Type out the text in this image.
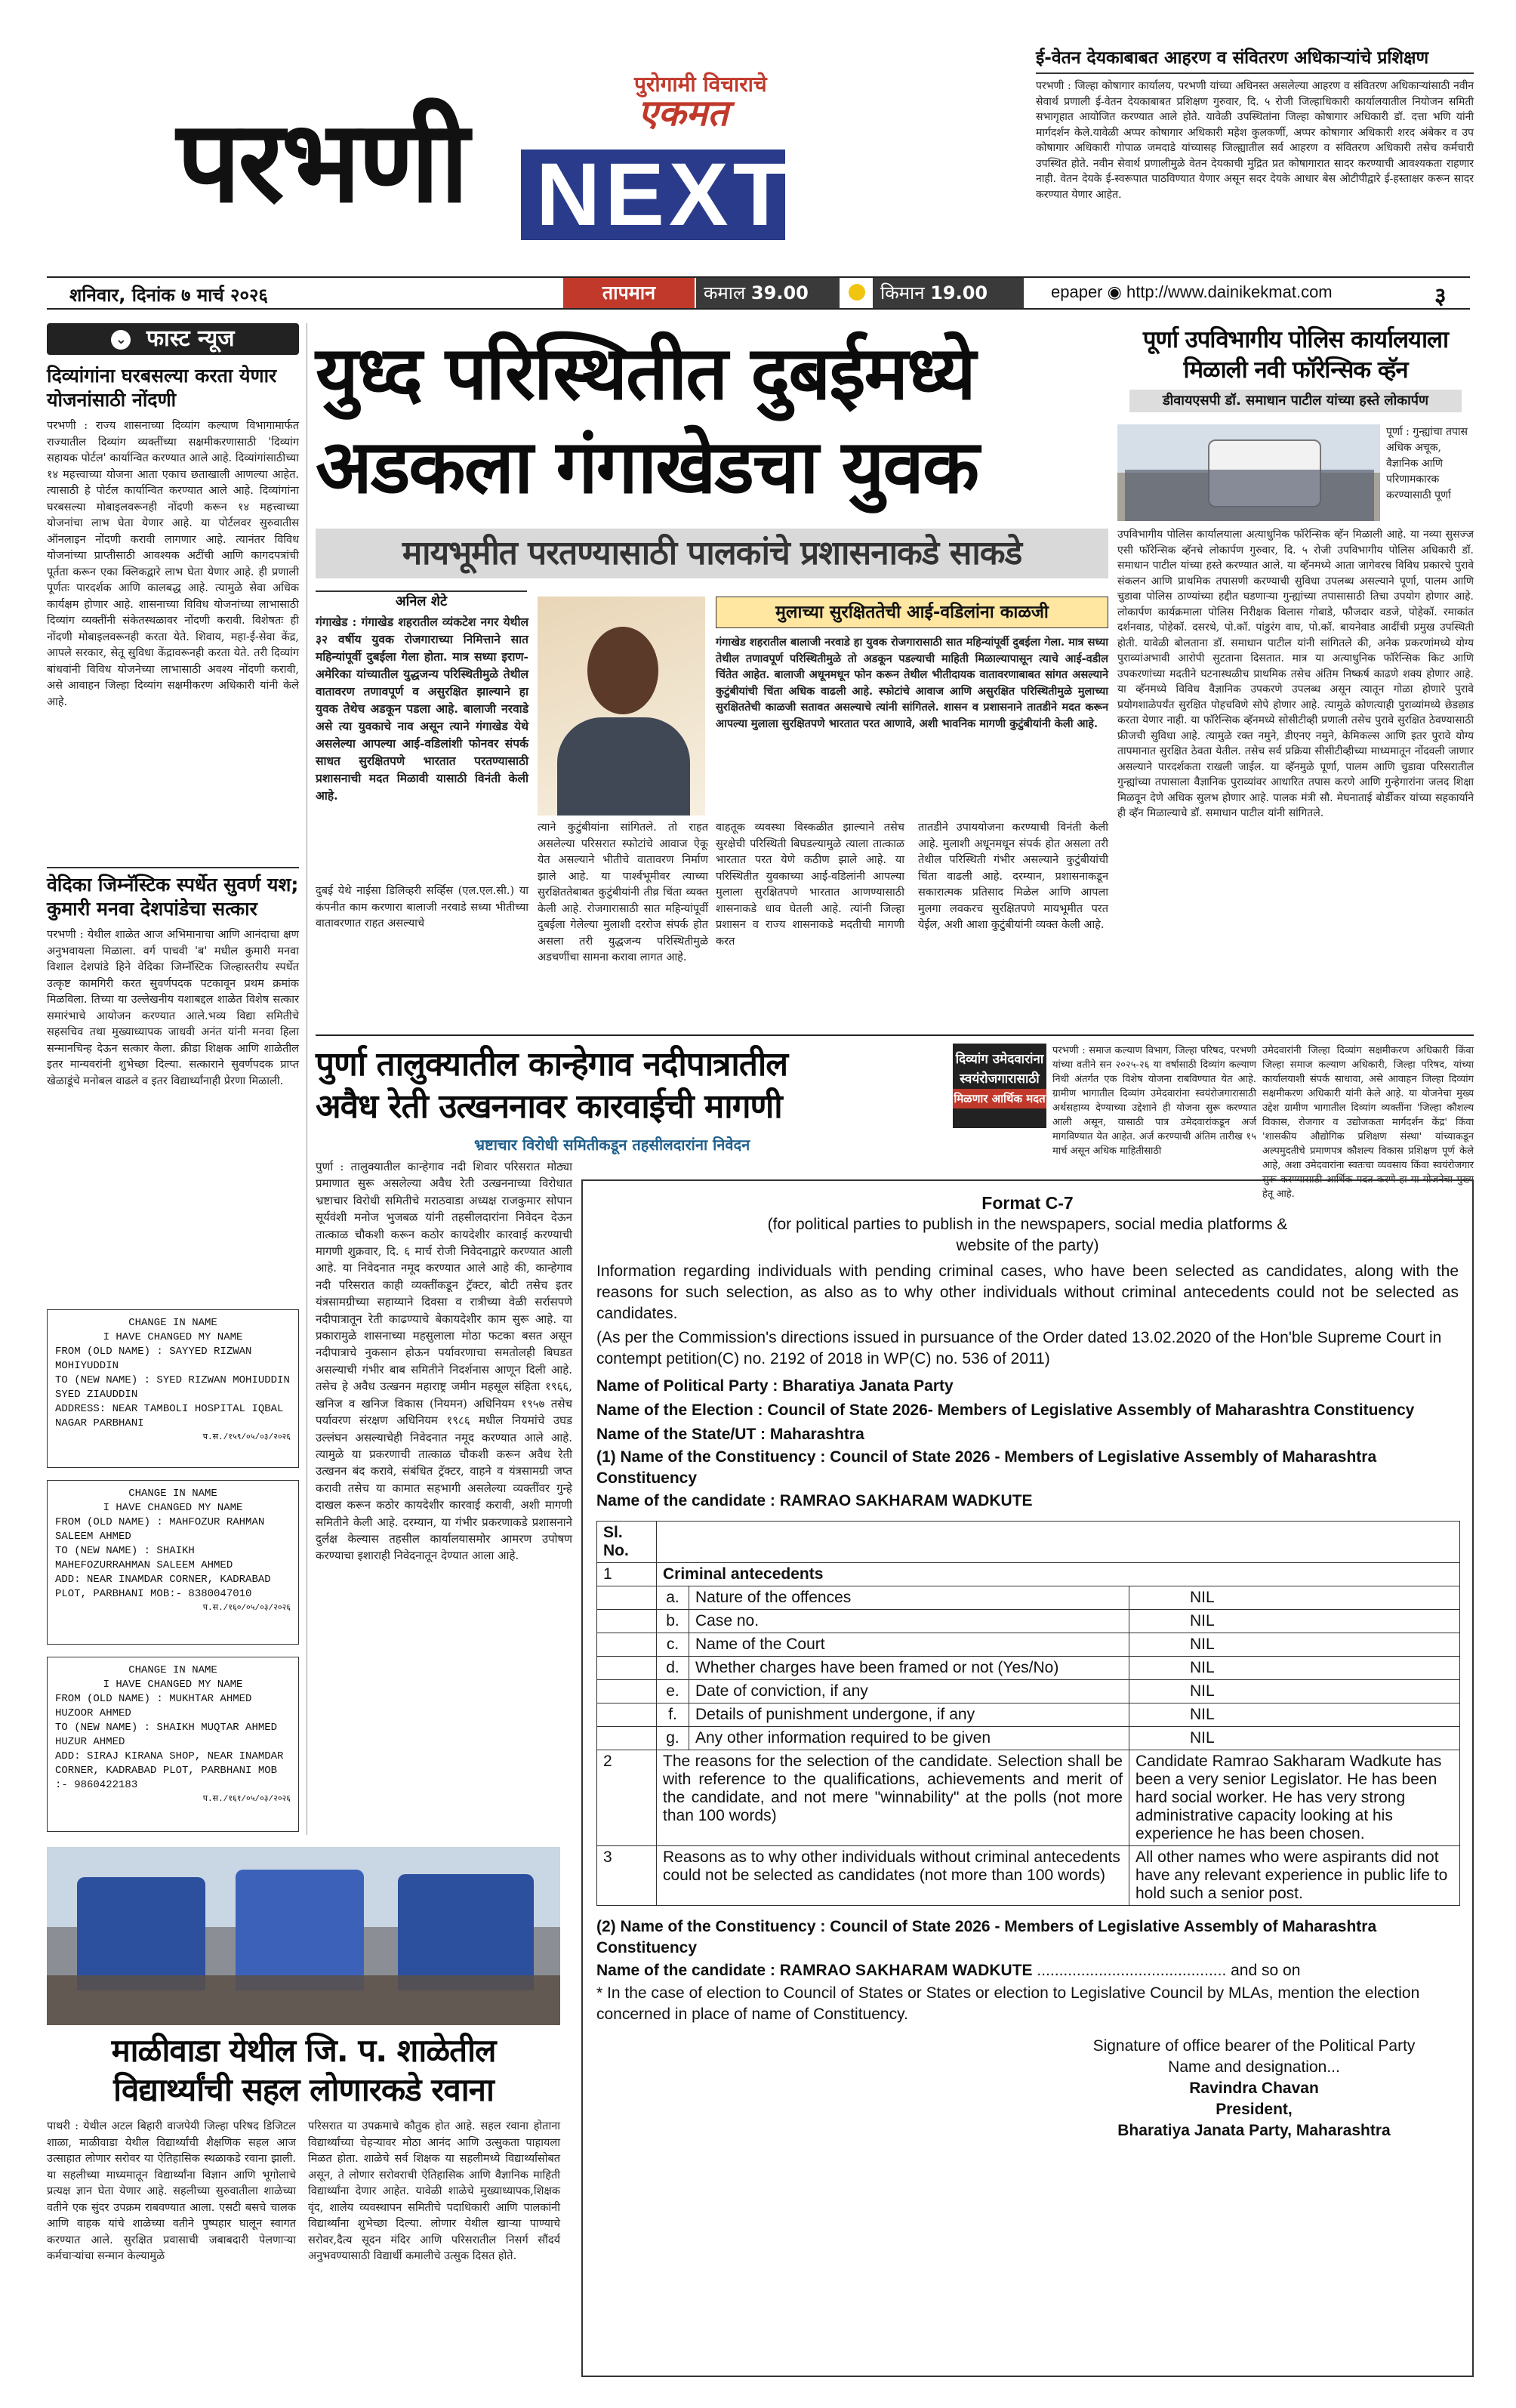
पुरोगामी विचाराचे
एकमत
परभणी NEXT
शनिवार, दिनांक ७ मार्च २०२६	तापमान	कमाल 39.00	किमान 19.00	epaper ◉ http://www.dainikekmat.com	३
ई-वेतन देयकाबाबत आहरण व संवितरण अधिकाऱ्यांचे प्रशिक्षण
परभणी : जिल्हा कोषागार कार्यालय, परभणी यांच्या अधिनस्त असलेल्या आहरण व संवितरण अधिकाऱ्यांसाठी नवीन सेवार्थ प्रणाली ई-वेतन देयकाबाबत प्रशिक्षण गुरुवार, दि. ५ रोजी जिल्हाधिकारी कार्यालयातील नियोजन समिती सभागृहात आयोजित करण्यात आले होते. यावेळी उपस्थितांना जिल्हा कोषागार अधिकारी डॉ. दत्ता भणि यांनी मार्गदर्शन केले.यावेळी अप्पर कोषागार अधिकारी महेश कुलकर्णी, अप्पर कोषागार अधिकारी शरद अंबेकर व उप कोषागार अधिकारी गोपाळ जमदाडे यांच्यासह जिल्ह्यातील सर्व आहरण व संवितरण अधिकारी तसेच कर्मचारी उपस्थित होते. नवीन सेवार्थ प्रणालीमुळे वेतन देयकाची मुद्रित प्रत कोषागारात सादर करण्याची आवश्यकता राहणार नाही. वेतन देयके ई-स्वरूपात पाठविण्यात येणार असून सदर देयके आधार बेस ओटीपीद्वारे ई-हस्ताक्षर करून सादर करण्यात येणार आहेत.
⌄ फास्ट न्यूज
दिव्यांगांना घरबसल्या करता येणार योजनांसाठी नोंदणी
परभणी : राज्य शासनाच्या दिव्यांग कल्याण विभागामार्फत राज्यातील दिव्यांग व्यक्तींच्या सक्षमीकरणासाठी 'दिव्यांग सहायक पोर्टल' कार्यान्वित करण्यात आले आहे. दिव्यांगांसाठीच्या १४ महत्त्वाच्या योजना आता एकाच छताखाली आणल्या आहेत. त्यासाठी हे पोर्टल कार्यान्वित करण्यात आले आहे. दिव्यांगांना घरबसल्या मोबाइलवरूनही नोंदणी करून १४ महत्त्वाच्या योजनांचा लाभ घेता येणार आहे. या पोर्टलवर सुरुवातीस ऑनलाइन नोंदणी करावी लागणार आहे. त्यानंतर विविध योजनांच्या प्राप्तीसाठी आवश्यक अटींची आणि कागदपत्रांची पूर्तता करून एका क्लिकद्वारे लाभ घेता येणार आहे. ही प्रणाली पूर्णतः पारदर्शक आणि कालबद्ध आहे. त्यामुळे सेवा अधिक कार्यक्षम होणार आहे. शासनाच्या विविध योजनांच्या लाभासाठी दिव्यांग व्यक्तींनी संकेतस्थळावर नोंदणी करावी. विशेषतः ही नोंदणी मोबाइलवरूनही करता येते. शिवाय, महा-ई-सेवा केंद्र, आपले सरकार, सेतू सुविधा केंद्रावरूनही करता येते. तरी दिव्यांग बांधवांनी विविध योजनेच्या लाभासाठी अवश्य नोंदणी करावी, असे आवाहन जिल्हा दिव्यांग सक्षमीकरण अधिकारी यांनी केले आहे.
वेदिका जिम्नॅस्टिक स्पर्धेत सुवर्ण यश; कुमारी मनवा देशपांडेचा सत्कार
परभणी : येथील शाळेत आज अभिमानाचा आणि आनंदाचा क्षण अनुभवायला मिळाला. वर्ग पाचवी 'ब' मधील कुमारी मनवा विशाल देशपांडे हिने वेदिका जिम्नॅस्टिक जिल्हास्तरीय स्पर्धेत उत्कृष्ट कामगिरी करत सुवर्णपदक पटकावून प्रथम क्रमांक मिळविला. तिच्या या उल्लेखनीय यशाबद्दल शाळेत विशेष सत्कार समारंभाचे आयोजन करण्यात आले.भव्य विद्या समितीचे सहसचिव तथा मुख्याध्यापक जाधवी अनंत यांनी मनवा हिला सन्मानचिन्ह देऊन सत्कार केला. क्रीडा शिक्षक आणि शाळेतील इतर मान्यवरांनी शुभेच्छा दिल्या. सत्काराने सुवर्णपदक प्राप्त खेळाडूंचे मनोबल वाढले व इतर विद्यार्थ्यांनाही प्रेरणा मिळाली.
CHANGE IN NAME
I HAVE CHANGED MY NAME
FROM (OLD NAME) : SAYYED RIZWAN MOHIYUDDIN
TO (NEW NAME) : SYED RIZWAN MOHIUDDIN SYED ZIAUDDIN
ADDRESS: NEAR TAMBOLI HOSPITAL IQBAL NAGAR PARBHANI
प.स./१५९/०५/०३/२०२६
CHANGE IN NAME
I HAVE CHANGED MY NAME
FROM (OLD NAME) : MAHFOZUR RAHMAN SALEEM AHMED
TO (NEW NAME) : SHAIKH MAHEFOZURRAHMAN SALEEM AHMED
ADD: NEAR INAMDAR CORNER, KADRABAD PLOT, PARBHANI MOB:- 8380047010
प.स./१६०/०५/०३/२०२६
CHANGE IN NAME
I HAVE CHANGED MY NAME
FROM (OLD NAME) : MUKHTAR AHMED HUZOOR AHMED
TO (NEW NAME) : SHAIKH MUQTAR AHMED HUZUR AHMED
ADD: SIRAJ KIRANA SHOP, NEAR INAMDAR CORNER, KADRABAD PLOT, PARBHANI MOB :- 9860422183
प.स./१६१/०५/०३/२०२६
माळीवाडा येथील जि. प. शाळेतील
विद्यार्थ्यांची सहल लोणारकडे रवाना
पाथरी : येथील अटल बिहारी वाजपेयी जिल्हा परिषद डिजिटल शाळा, माळीवाडा येथील विद्यार्थ्यांची शैक्षणिक सहल आज उत्साहात लोणार सरोवर या ऐतिहासिक स्थळाकडे रवाना झाली. या सहलीच्या माध्यमातून विद्यार्थ्यांना विज्ञान आणि भूगोलाचे प्रत्यक्ष ज्ञान घेता येणार आहे. सहलीच्या सुरुवातीला शाळेच्या वतीने एक सुंदर उपक्रम राबवण्यात आला. एसटी बसचे चालक आणि वाहक यांचे शाळेच्या वतीने पुष्पहार घालून स्वागत करण्यात आले. सुरक्षित प्रवासाची जबाबदारी पेलणाऱ्या कर्मचाऱ्यांचा सन्मान केल्यामुळे
परिसरात या उपक्रमाचे कौतुक होत आहे. सहल रवाना होताना विद्यार्थ्यांच्या चेहऱ्यावर मोठा आनंद आणि उत्सुकता पाहायला मिळत होता. शाळेचे सर्व शिक्षक या सहलीमध्ये विद्यार्थ्यांसोबत असून, ते लोणार सरोवराची ऐतिहासिक आणि वैज्ञानिक माहिती विद्यार्थ्यांना देणार आहेत. यावेळी शाळेचे मुख्याध्यापक,शिक्षक वृंद, शालेय व्यवस्थापन समितीचे पदाधिकारी आणि पालकांनी विद्यार्थ्यांना शुभेच्छा दिल्या. लोणार येथील खाऱ्या पाण्याचे सरोवर,दैत्य सूदन मंदिर आणि परिसरातील निसर्ग सौंदर्य अनुभवण्यासाठी विद्यार्थी कमालीचे उत्सुक दिसत होते.
युध्द परिस्थितीत दुबईमध्ये
अडकला गंगाखेडचा युवक
मायभूमीत परतण्यासाठी पालकांचे प्रशासनाकडे साकडे
अनिल शेटे
गंगाखेड : गंगाखेड शहरातील व्यंकटेश नगर येथील ३२ वर्षीय युवक रोजगाराच्या निमित्ताने सात महिन्यांपूर्वी दुबईला गेला होता. मात्र सध्या इराण-अमेरिका यांच्यातील युद्धजन्य परिस्थितीमुळे तेथील वातावरण तणावपूर्ण व असुरक्षित झाल्याने हा युवक तेथेच अडकून पडला आहे. बालाजी नरवाडे असे त्या युवकाचे नाव असून त्याने गंगाखेड येथे असलेल्या आपल्या आई-वडिलांशी फोनवर संपर्क साधत सुरक्षितपणे भारतात परतण्यासाठी प्रशासनाची मदत मिळावी यासाठी विनंती केली आहे.
दुबई येथे नाईसा डिलिव्हरी सर्व्हिस (एल.एल.सी.) या कंपनीत काम करणारा बालाजी नरवाडे सध्या भीतीच्या वातावरणात राहत असल्याचे
त्याने कुटुंबीयांना सांगितले. तो राहत असलेल्या परिसरात स्फोटांचे आवाज ऐकू येत असल्याने भीतीचे वातावरण निर्माण झाले आहे. या पार्श्वभूमीवर त्याच्या सुरक्षिततेबाबत कुटुंबीयांनी तीव्र चिंता व्यक्त केली आहे. रोजगारासाठी सात महिन्यांपूर्वी दुबईला गेलेल्या मुलाशी दररोज संपर्क होत असला तरी युद्धजन्य परिस्थितीमुळे अडचणींचा सामना करावा लागत आहे.
मुलाच्या सुरक्षिततेची आई-वडिलांना काळजी
गंगाखेड शहरातील बालाजी नरवाडे हा युवक रोजगारासाठी सात महिन्यांपूर्वी दुबईला गेला. मात्र सध्या तेथील तणावपूर्ण परिस्थितीमुळे तो अडकून पडल्याची माहिती मिळाल्यापासून त्याचे आई-वडील चिंतेत आहेत. बालाजी अधूनमधून फोन करून तेथील भीतीदायक वातावरणाबाबत सांगत असल्याने कुटुंबीयांची चिंता अधिक वाढली आहे. स्फोटांचे आवाज आणि असुरक्षित परिस्थितीमुळे मुलाच्या सुरक्षिततेची काळजी सतावत असल्याचे त्यांनी सांगितले. शासन व प्रशासनाने तातडीने मदत करून आपल्या मुलाला सुरक्षितपणे भारतात परत आणावे, अशी भावनिक मागणी कुटुंबीयांनी केली आहे.
वाहतूक व्यवस्था विस्कळीत झाल्याने तसेच सुरक्षेची परिस्थिती बिघडल्यामुळे त्याला तात्काळ भारतात परत येणे कठीण झाले आहे. या परिस्थितीत युवकाच्या आई-वडिलांनी आपल्या मुलाला सुरक्षितपणे भारतात आणण्यासाठी शासनाकडे धाव घेतली आहे. त्यांनी जिल्हा प्रशासन व राज्य शासनाकडे मदतीची मागणी करत
तातडीने उपाययोजना करण्याची विनंती केली आहे. मुलाशी अधूनमधून संपर्क होत असला तरी तेथील परिस्थिती गंभीर असल्याने कुटुंबीयांची चिंता वाढली आहे. दरम्यान, प्रशासनाकडून सकारात्मक प्रतिसाद मिळेल आणि आपला मुलगा लवकरच सुरक्षितपणे मायभूमीत परत येईल, अशी आशा कुटुंबीयांनी व्यक्त केली आहे.
पूर्णा उपविभागीय पोलिस कार्यालयाला
मिळाली नवी फॉरेन्सिक व्हॅन
डीवायएसपी डॉ. समाधान पाटील यांच्या हस्ते लोकार्पण
पूर्णा : गुन्ह्यांचा तपास अधिक अचूक, वैज्ञानिक आणि परिणामकारक करण्यासाठी पूर्णा
उपविभागीय पोलिस कार्यालयाला अत्याधुनिक फॉरेन्सिक व्हॅन मिळाली आहे. या नव्या सुसज्ज एसी फॉरेन्सिक व्हॅनचे लोकार्पण गुरुवार, दि. ५ रोजी उपविभागीय पोलिस अधिकारी डॉ. समाधान पाटील यांच्या हस्ते करण्यात आले. या व्हॅनमध्ये आता जागेवरच विविध प्रकारचे पुरावे संकलन आणि प्राथमिक तपासणी करण्याची सुविधा उपलब्ध असल्याने पूर्णा, पालम आणि चुडावा पोलिस ठाण्यांच्या हद्दीत घडणाऱ्या गुन्ह्यांच्या तपासासाठी तिचा उपयोग होणार आहे. लोकार्पण कार्यक्रमाला पोलिस निरीक्षक विलास गोबाडे, फौजदार वडजे, पोहेकॉ. रमाकांत दर्शनवाड, पोहेकॉ. दसरथे, पो.कॉ. पांडुरंग वाघ, पो.कॉ. बायनेवाड आदींची प्रमुख उपस्थिती होती. यावेळी बोलताना डॉ. समाधान पाटील यांनी सांगितले की, अनेक प्रकरणांमध्ये योग्य पुराव्यांअभावी आरोपी सुटताना दिसतात. मात्र या अत्याधुनिक फॉरेन्सिक किट आणि उपकरणांच्या मदतीने घटनास्थळीच प्राथमिक तसेच अंतिम निष्कर्ष काढणे शक्य होणार आहे. या व्हॅनमध्ये विविध वैज्ञानिक उपकरणे उपलब्ध असून त्यातून गोळा होणारे पुरावे प्रयोगशाळेपर्यंत सुरक्षित पोहचविणे सोपे होणार आहे. त्यामुळे कोणत्याही पुराव्यांमध्ये छेडछाड करता येणार नाही. या फॉरेन्सिक व्हॅनमध्ये सोसीटीव्ही प्रणाली तसेच पुरावे सुरक्षित ठेवण्यासाठी फ्रीजची सुविधा आहे. त्यामुळे रक्त नमुने, डीएनए नमुने, केमिकल्स आणि इतर पुरावे योग्य तापमानात सुरक्षित ठेवता येतील. तसेच सर्व प्रक्रिया सीसीटीव्हीच्या माध्यमातून नोंदवली जाणार असल्याने पारदर्शकता राखली जाईल. या व्हॅनमुळे पूर्णा, पालम आणि चुडावा परिसरातील गुन्ह्यांच्या तपासाला वैज्ञानिक पुराव्यांवर आधारित तपास करणे आणि गुन्हेगारांना जलद शिक्षा मिळवून देणे अधिक सुलभ होणार आहे. पालक मंत्री सौ. मेघनाताई बोर्डीकर यांच्या सहकार्याने ही व्हॅन मिळाल्याचे डॉ. समाधान पाटील यांनी सांगितले.
पुर्णा तालुक्यातील कान्हेगाव नदीपात्रातील
अवैध रेती उत्खननावर कारवाईची मागणी
भ्रष्टाचार विरोधी समितीकडून तहसीलदारांना निवेदन
पुर्णा : तालुक्यातील कान्हेगाव नदी शिवार परिसरात मोठ्या प्रमाणात सुरू असलेल्या अवैध रेती उत्खननाच्या विरोधात भ्रष्टाचार विरोधी समितीचे मराठवाडा अध्यक्ष राजकुमार सोपान सूर्यवंशी मनोज भुजबळ यांनी तहसीलदारांना निवेदन देऊन तात्काळ चौकशी करून कठोर कायदेशीर कारवाई करण्याची मागणी शुक्रवार, दि. ६ मार्च रोजी निवेदनाद्वारे करण्यात आली आहे. या निवेदनात नमूद करण्यात आले आहे की, कान्हेगाव नदी परिसरात काही व्यक्तींकडून ट्रॅक्टर, बोटी तसेच इतर यंत्रसामग्रीच्या सहाय्याने दिवसा व रात्रीच्या वेळी सर्रासपणे नदीपात्रातून रेती काढण्याचे बेकायदेशीर काम सुरू आहे. या प्रकारामुळे शासनाच्या महसुलाला मोठा फटका बसत असून नदीपात्राचे नुकसान होऊन पर्यावरणाचा समतोलही बिघडत असल्याची गंभीर बाब समितीने निदर्शनास आणून दिली आहे. तसेच हे अवैध उत्खनन महाराष्ट्र जमीन महसूल संहिता १९६६, खनिज व खनिज विकास (नियमन) अधिनियम १९५७ तसेच पर्यावरण संरक्षण अधिनियम १९८६ मधील नियमांचे उघड उल्लंघन असल्याचेही निवेदनात नमूद करण्यात आले आहे. त्यामुळे या प्रकरणाची तात्काळ चौकशी करून अवैध रेती उत्खनन बंद करावे, संबंधित ट्रॅक्टर, वाहने व यंत्रसामग्री जप्त करावी तसेच या कामात सहभागी असलेल्या व्यक्तींवर गुन्हे दाखल करून कठोर कायदेशीर कारवाई करावी, अशी मागणी समितीने केली आहे. दरम्यान, या गंभीर प्रकरणाकडे प्रशासनाने दुर्लक्ष केल्यास तहसील कार्यालयासमोर आमरण उपोषण करण्याचा इशाराही निवेदनातून देण्यात आला आहे.
दिव्यांग उमेदवारांना
स्वयंरोजगारासाठी
मिळणार आर्थिक मदत
परभणी : समाज कल्याण विभाग, जिल्हा परिषद, परभणी यांच्या वतीने सन २०२५-२६ या वर्षासाठी दिव्यांग कल्याण निधी अंतर्गत एक विशेष योजना राबविण्यात येत आहे. ग्रामीण भागातील दिव्यांग उमेदवारांना स्वयंरोजगारासाठी अर्थसहाय्य देण्याच्या उद्देशाने ही योजना सुरू करण्यात आली असून, यासाठी पात्र उमेदवारांकडून अर्ज मागविण्यात येत आहेत. अर्ज करण्याची अंतिम तारीख १५ मार्च असून अधिक माहितीसाठी
उमेदवारांनी जिल्हा दिव्यांग सक्षमीकरण अधिकारी किंवा जिल्हा समाज कल्याण अधिकारी, जिल्हा परिषद, यांच्या कार्यालयाशी संपर्क साधावा, असे आवाहन जिल्हा दिव्यांग सक्षमीकरण अधिकारी यांनी केले आहे. या योजनेचा मुख्य उद्देश ग्रामीण भागातील दिव्यांग व्यक्तींना 'जिल्हा कौशल्य विकास, रोजगार व उद्योजकता मार्गदर्शन केंद्र' किंवा 'शासकीय औद्योगिक प्रशिक्षण संस्था' यांच्याकडून अल्पमुदतीचे प्रमाणपत्र कौशल्य विकास प्रशिक्षण पूर्ण केले आहे, अशा उमेदवारांना स्वतःचा व्यवसाय किंवा स्वयंरोजगार सुरू करण्यासाठी आर्थिक मदत करणे हा या योजनेचा मुख्य हेतू आहे.
Format C-7
(for political parties to publish in the newspapers, social media platforms &
website of the party)
Information regarding individuals with pending criminal cases, who have been selected as candidates, along with the reasons for such selection, as also as to why other individuals without criminal antecedents could not be selected as candidates.
(As per the Commission's directions issued in pursuance of the Order dated 13.02.2020 of the Hon'ble Supreme Court in contempt petition(C) no. 2192 of 2018 in WP(C) no. 536 of 2011)
Name of Political Party : Bharatiya Janata Party
Name of the Election : Council of State 2026- Members of Legislative Assembly of Maharashtra Constituency
Name of the State/UT : Maharashtra
(1) Name of the Constituency : Council of State 2026 - Members of Legislative Assembly of Maharashtra Constituency
Name of the candidate : RAMRAO SAKHARAM WADKUTE
Sl. No.			
1	Criminal antecedents		
	a.	Nature of the offences	NIL
	b.	Case no.	NIL
	c.	Name of the Court	NIL
	d.	Whether charges have been framed or not (Yes/No)	NIL
	e.	Date of conviction, if any	NIL
	f.	Details of punishment undergone, if any	NIL
	g.	Any other information required to be given	NIL
2	The reasons for the selection of the candidate. Selection shall be with reference to the qualifications, achievements and merit of the candidate, and not mere "winnability" at the polls (not more than 100 words)		Candidate Ramrao Sakharam Wadkute has been a very senior Legislator. He has been hard social worker. He has very strong administrative capacity looking at his experience he has been chosen.
3	Reasons as to why other individuals without criminal antecedents could not be selected as candidates (not more than 100 words)		All other names who were aspirants did not have any relevant experience in public life to hold such a senior post.
(2) Name of the Constituency : Council of State 2026 - Members of Legislative Assembly of Maharashtra Constituency
Name of the candidate : RAMRAO SAKHARAM WADKUTE ........................................... and so on
* In the case of election to Council of States or States or election to Legislative Council by MLAs, mention the election concerned in place of name of Constituency.
Signature of office bearer of the Political Party
Name and designation...
Ravindra Chavan
President,
Bharatiya Janata Party, Maharashtra
